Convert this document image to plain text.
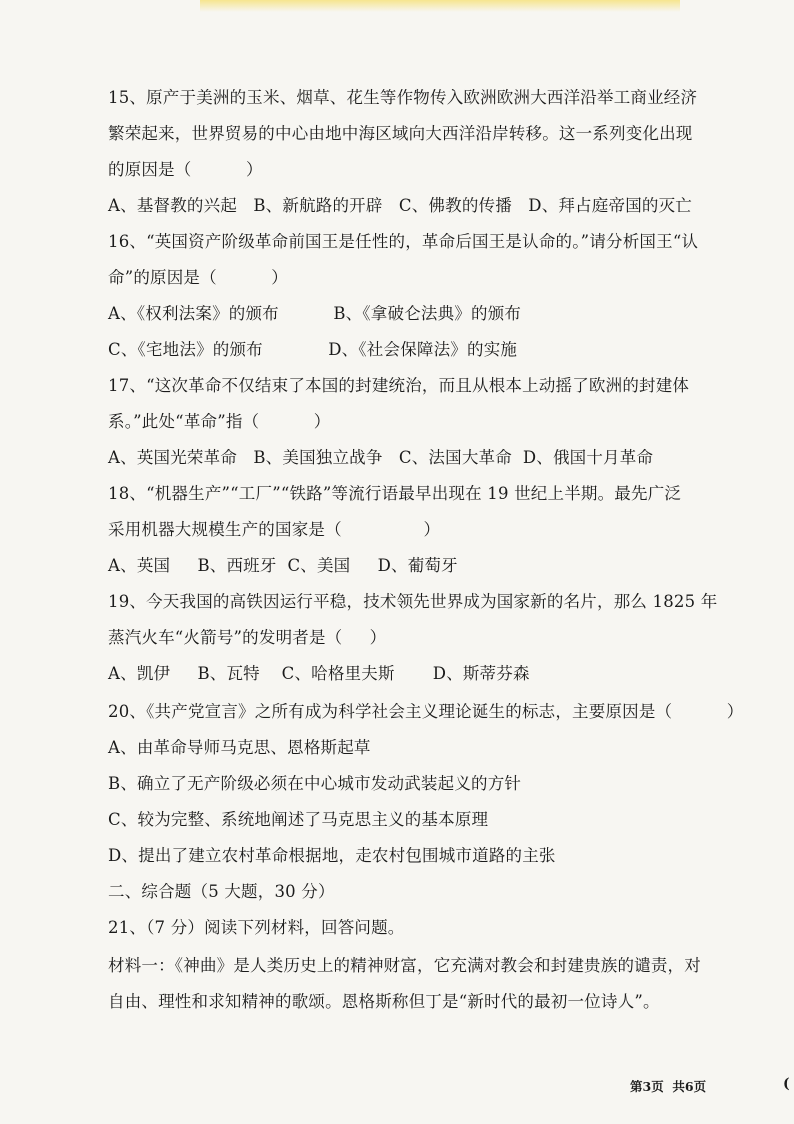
15、原产于美洲的玉米、烟草、花生等作物传入欧洲欧洲大西洋沿举工商业经济
繁荣起来，世界贸易的中心由地中海区域向大西洋沿岸转移。这一系列变化出现
的原因是（          ）
A、基督教的兴起   B、新航路的开辟   C、佛教的传播   D、拜占庭帝国的灭亡
16、“英国资产阶级革命前国王是任性的，革命后国王是认命的。”请分析国王“认
命”的原因是（          ）
A、《权利法案》的颁布          B、《拿破仑法典》的颁布
C、《宅地法》的颁布            D、《社会保障法》的实施
17、“这次革命不仅结束了本国的封建统治，而且从根本上动摇了欧洲的封建体
系。”此处“革命”指（          ）
A、英国光荣革命   B、美国独立战争   C、法国大革命  D、俄国十月革命
18、“机器生产”“工厂”“铁路”等流行语最早出现在 19 世纪上半期。最先广泛
采用机器大规模生产的国家是（               ）
A、英国     B、西班牙  C、美国     D、葡萄牙
19、今天我国的高铁因运行平稳，技术领先世界成为国家新的名片，那么 1825 年
蒸汽火车“火箭号”的发明者是（     ）
A、凯伊     B、瓦特    C、哈格里夫斯       D、斯蒂芬森
20、《共产党宣言》之所有成为科学社会主义理论诞生的标志，主要原因是（          ）
A、由革命导师马克思、恩格斯起草
B、确立了无产阶级必须在中心城市发动武装起义的方针
C、较为完整、系统地阐述了马克思主义的基本原理
D、提出了建立农村革命根据地，走农村包围城市道路的主张
二、综合题（5 大题，30 分）
21、（7 分）阅读下列材料，回答问题。
材料一：《神曲》是人类历史上的精神财富，它充满对教会和封建贵族的谴责，对
自由、理性和求知精神的歌颂。恩格斯称但丁是“新时代的最初一位诗人”。
第3页  共6页	(
